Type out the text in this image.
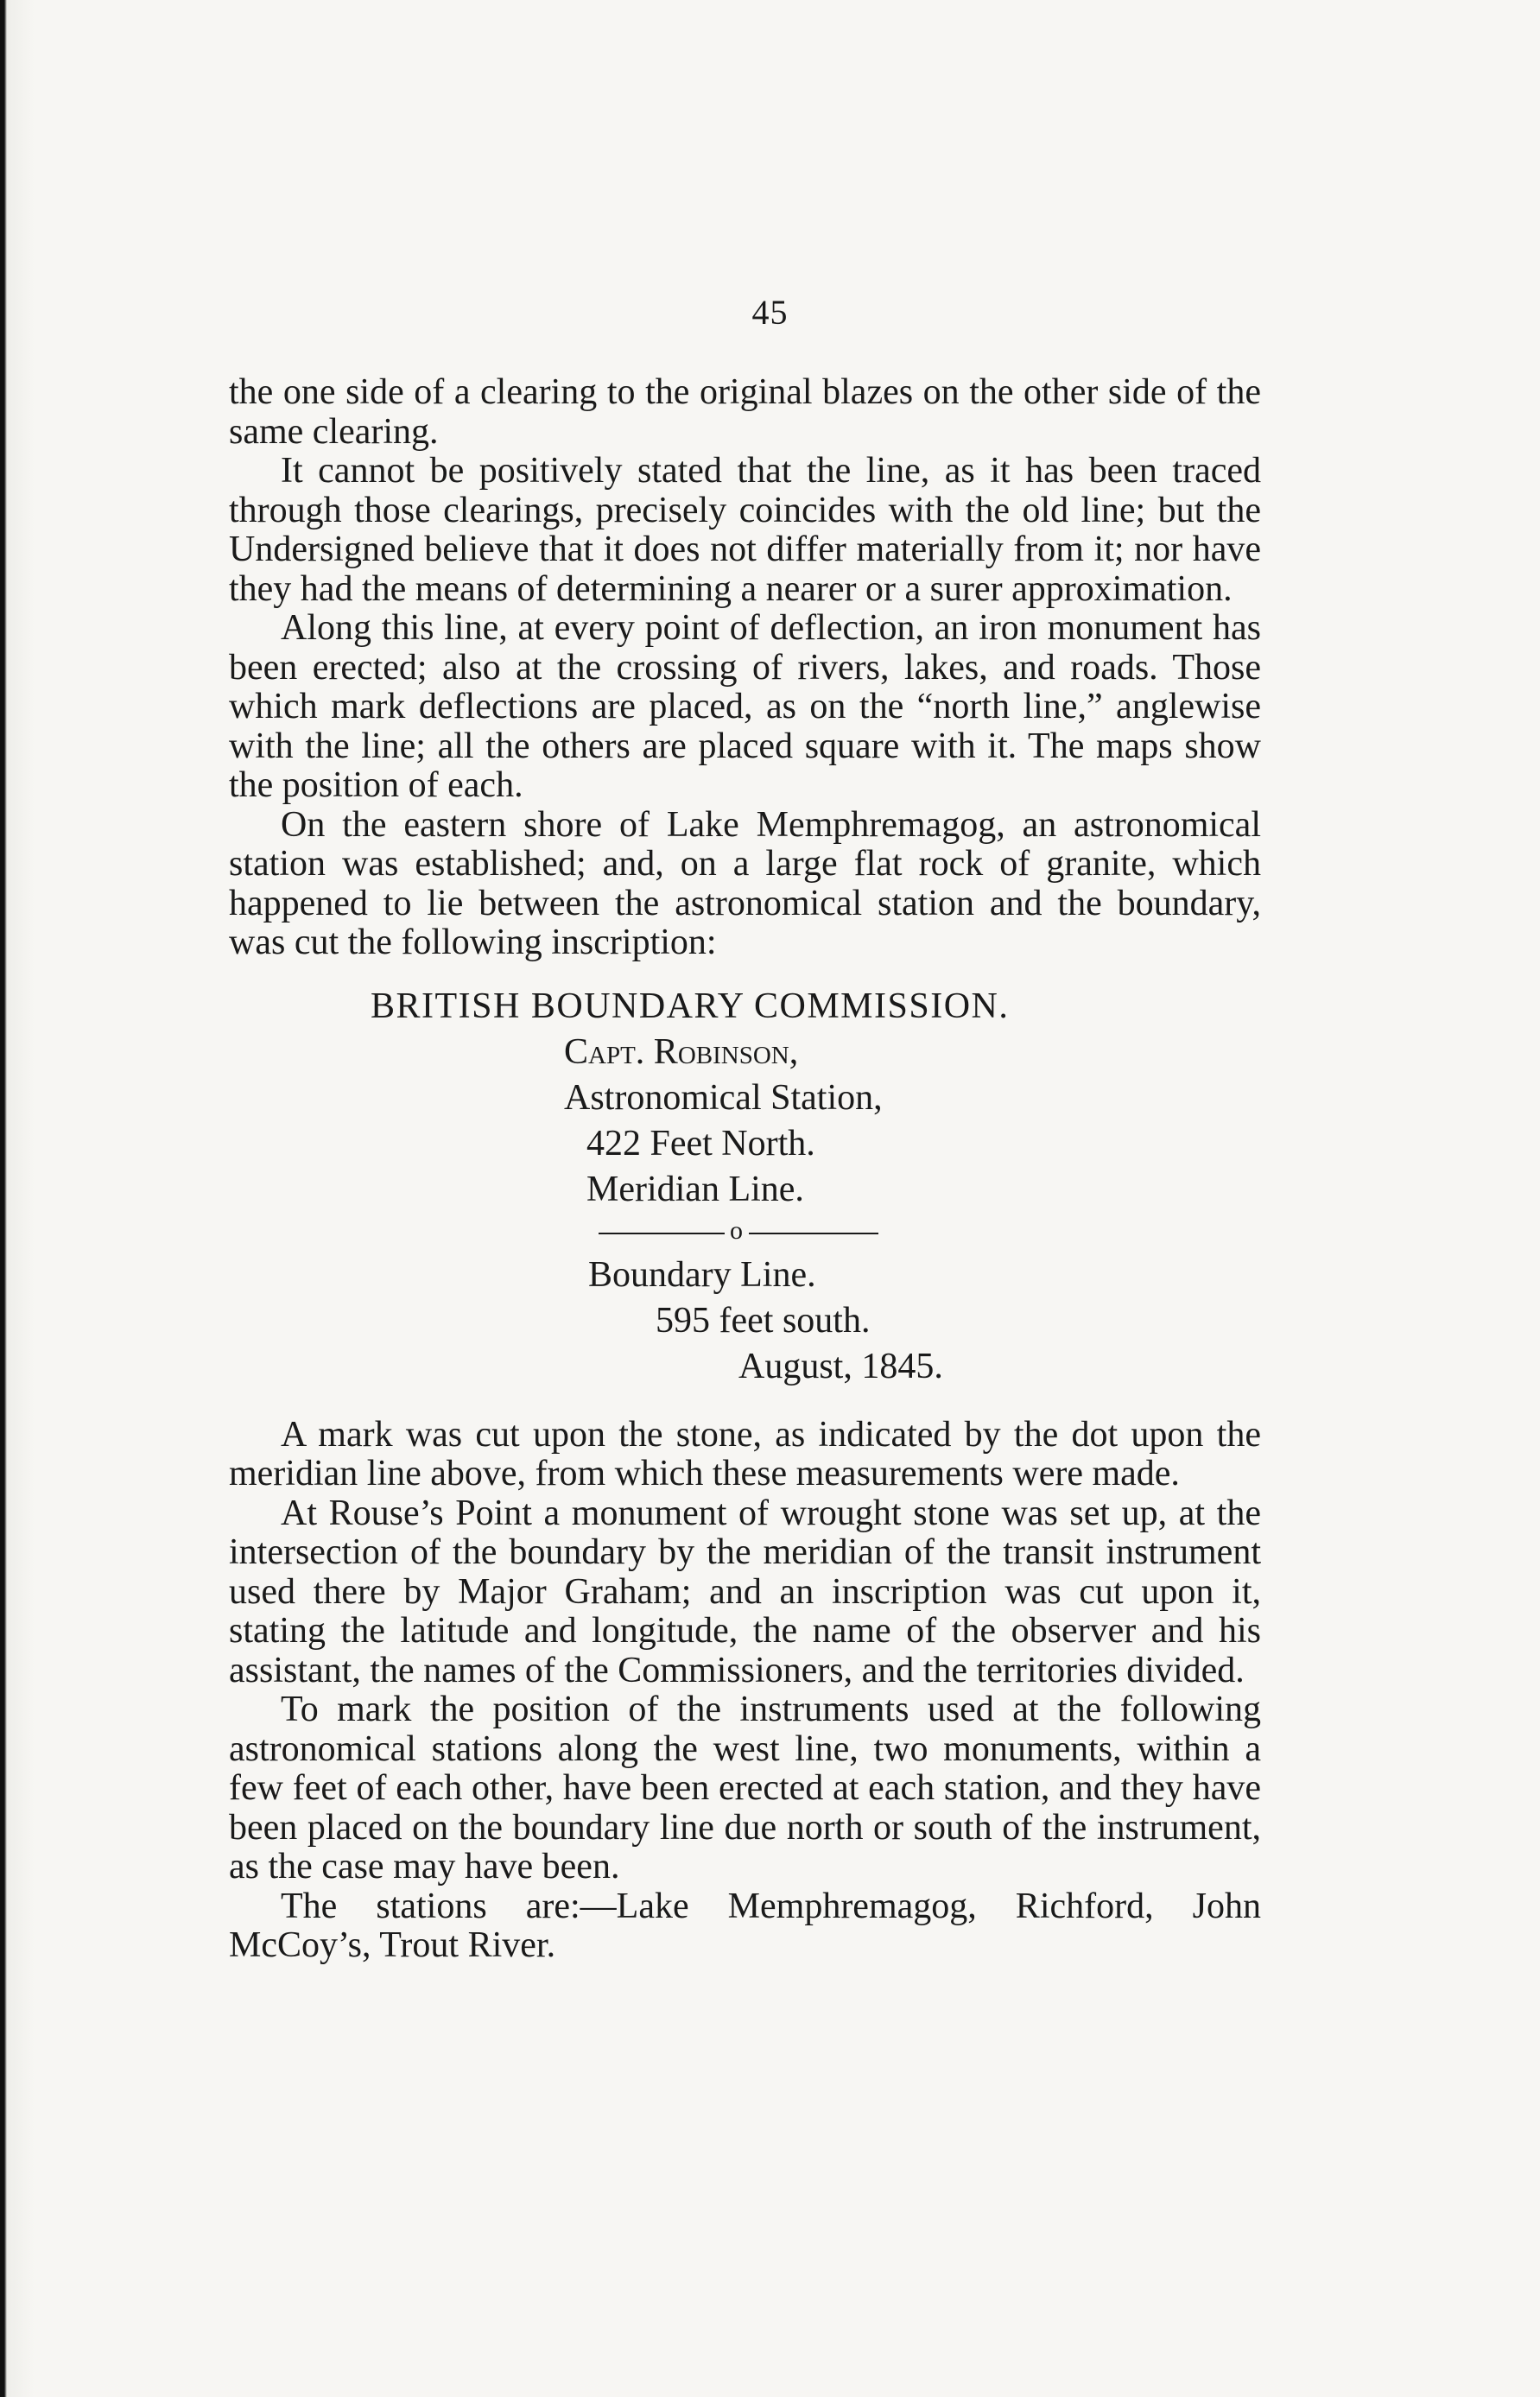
45

the one side of a clearing to the original blazes on the other side of the same clearing.

It cannot be positively stated that the line, as it has been traced through those clearings, precisely coincides with the old line; but the Undersigned believe that it does not differ materially from it; nor have they had the means of determining a nearer or a surer approximation.

Along this line, at every point of deflection, an iron monument has been erected; also at the crossing of rivers, lakes, and roads. Those which mark deflections are placed, as on the “north line,” anglewise with the line; all the others are placed square with it. The maps show the position of each.

On the eastern shore of Lake Memphremagog, an astronomical station was established; and, on a large flat rock of granite, which happened to lie between the astronomical station and the boundary, was cut the following inscription:

BRITISH BOUNDARY COMMISSION.
Capt. Robinson,
Astronomical Station,
422 Feet North.
Meridian Line.
o
Boundary Line.
595 feet south.
August, 1845.

A mark was cut upon the stone, as indicated by the dot upon the meridian line above, from which these measurements were made.

At Rouse’s Point a monument of wrought stone was set up, at the intersection of the boundary by the meridian of the transit instrument used there by Major Graham; and an inscription was cut upon it, stating the latitude and longitude, the name of the observer and his assistant, the names of the Commissioners, and the territories divided.

To mark the position of the instruments used at the following astronomical stations along the west line, two monuments, within a few feet of each other, have been erected at each station, and they have been placed on the boundary line due north or south of the instrument, as the case may have been.

The stations are:—Lake Memphremagog, Richford, John McCoy’s, Trout River.
